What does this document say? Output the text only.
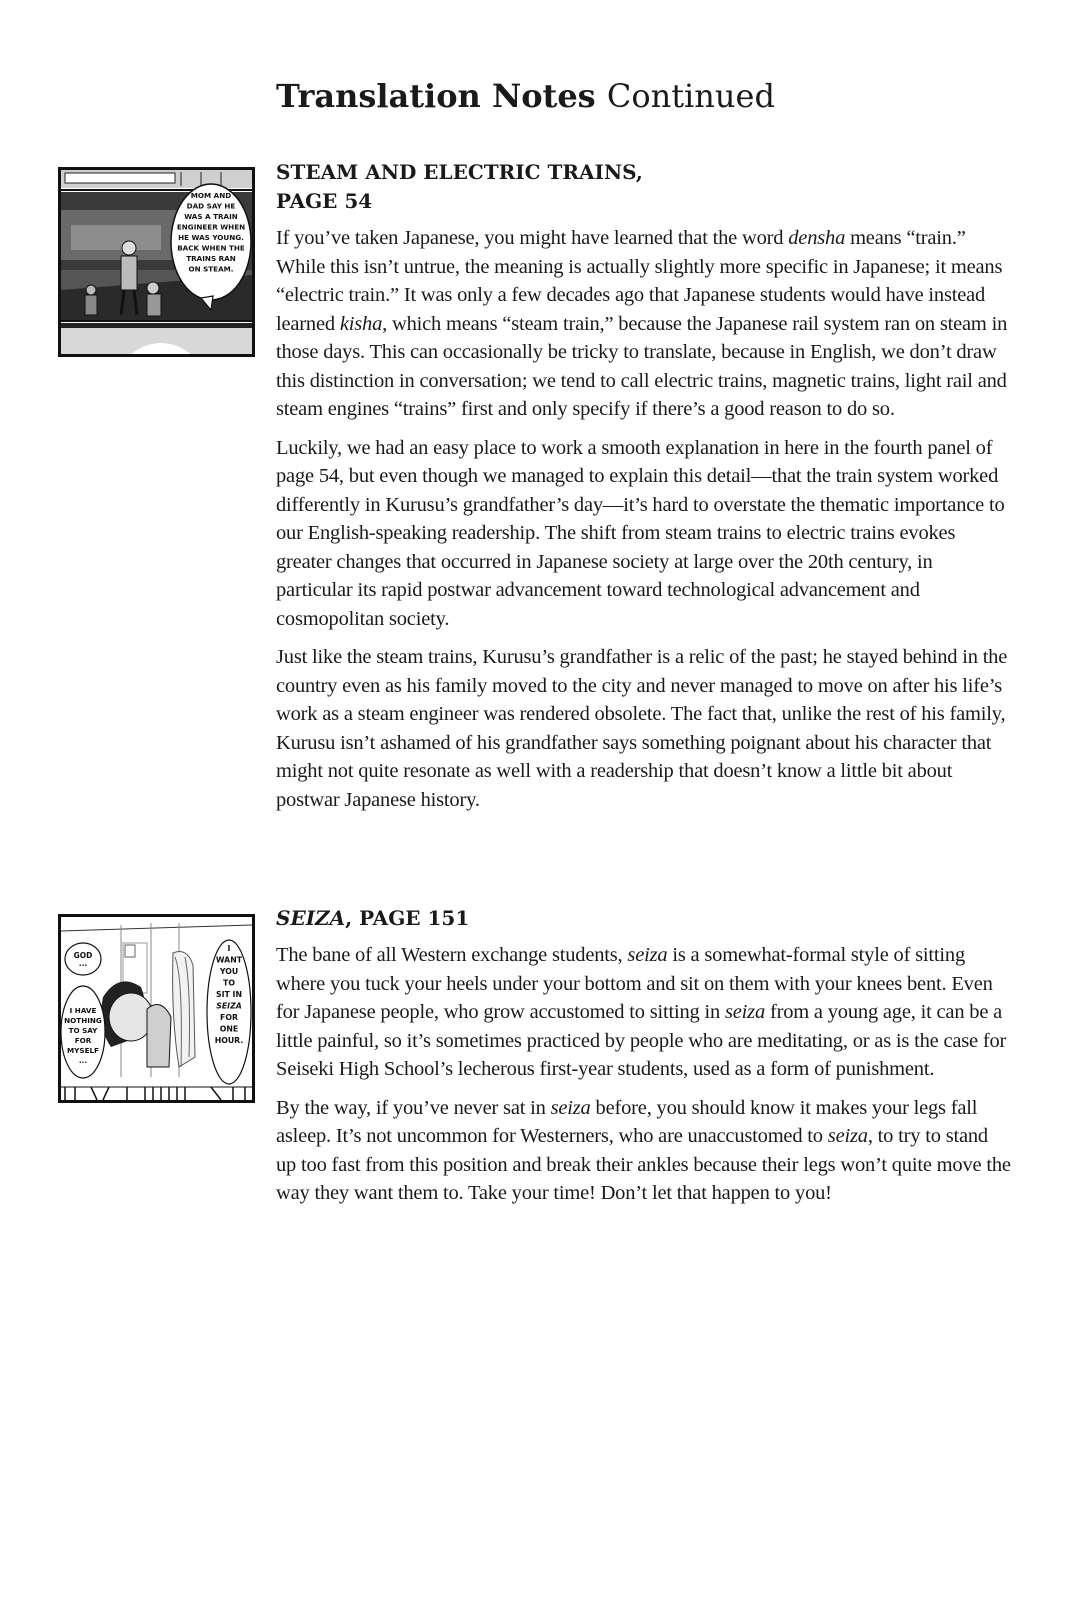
Translation Notes Continued
MOM AND
DAD SAY HE
WAS A TRAIN
ENGINEER WHEN
HE WAS YOUNG.
BACK WHEN THE
TRAINS RAN
ON STEAM.
GOD
...
I
WANT
YOU
TO
SIT IN
SEIZA
FOR
ONE
HOUR.
I HAVE
NOTHING
TO SAY
FOR
MYSELF
...
STEAM AND ELECTRIC TRAINS,
PAGE 54

If you’ve taken Japanese, you might have learned that the word densha means “train.” While this isn’t untrue, the meaning is actually slightly more specific in Japanese; it means “electric train.” It was only a few decades ago that Japanese students would have instead learned kisha, which means “steam train,” because the Japanese rail system ran on steam in those days. This can occasionally be tricky to translate, because in English, we don’t draw this distinction in conversation; we tend to call electric trains, magnetic trains, light rail and steam engines “trains” first and only specify if there’s a good reason to do so.

Luckily, we had an easy place to work a smooth explanation in here in the fourth panel of page 54, but even though we managed to explain this detail—that the train system worked differently in Kurusu’s grandfather’s day—it’s hard to overstate the thematic importance to our English-speaking readership. The shift from steam trains to electric trains evokes greater changes that occurred in Japanese society at large over the 20th century, in particular its rapid postwar advancement toward technological advancement and cosmopolitan society.

Just like the steam trains, Kurusu’s grandfather is a relic of the past; he stayed behind in the country even as his family moved to the city and never managed to move on after his life’s work as a steam engineer was rendered obsolete. The fact that, unlike the rest of his family, Kurusu isn’t ashamed of his grandfather says something poignant about his character that might not quite resonate as well with a readership that doesn’t know a little bit about postwar Japanese history.

SEIZA, PAGE 151

The bane of all Western exchange students, seiza is a somewhat-formal style of sitting where you tuck your heels under your bottom and sit on them with your knees bent. Even for Japanese people, who grow accustomed to sitting in seiza from a young age, it can be a little painful, so it’s sometimes practiced by people who are meditating, or as is the case for Seiseki High School’s lecherous first-year students, used as a form of punishment.

By the way, if you’ve never sat in seiza before, you should know it makes your legs fall asleep. It’s not uncommon for Westerners, who are unaccustomed to seiza, to try to stand up too fast from this position and break their ankles because their legs won’t quite move the way they want them to. Take your time! Don’t let that happen to you!
